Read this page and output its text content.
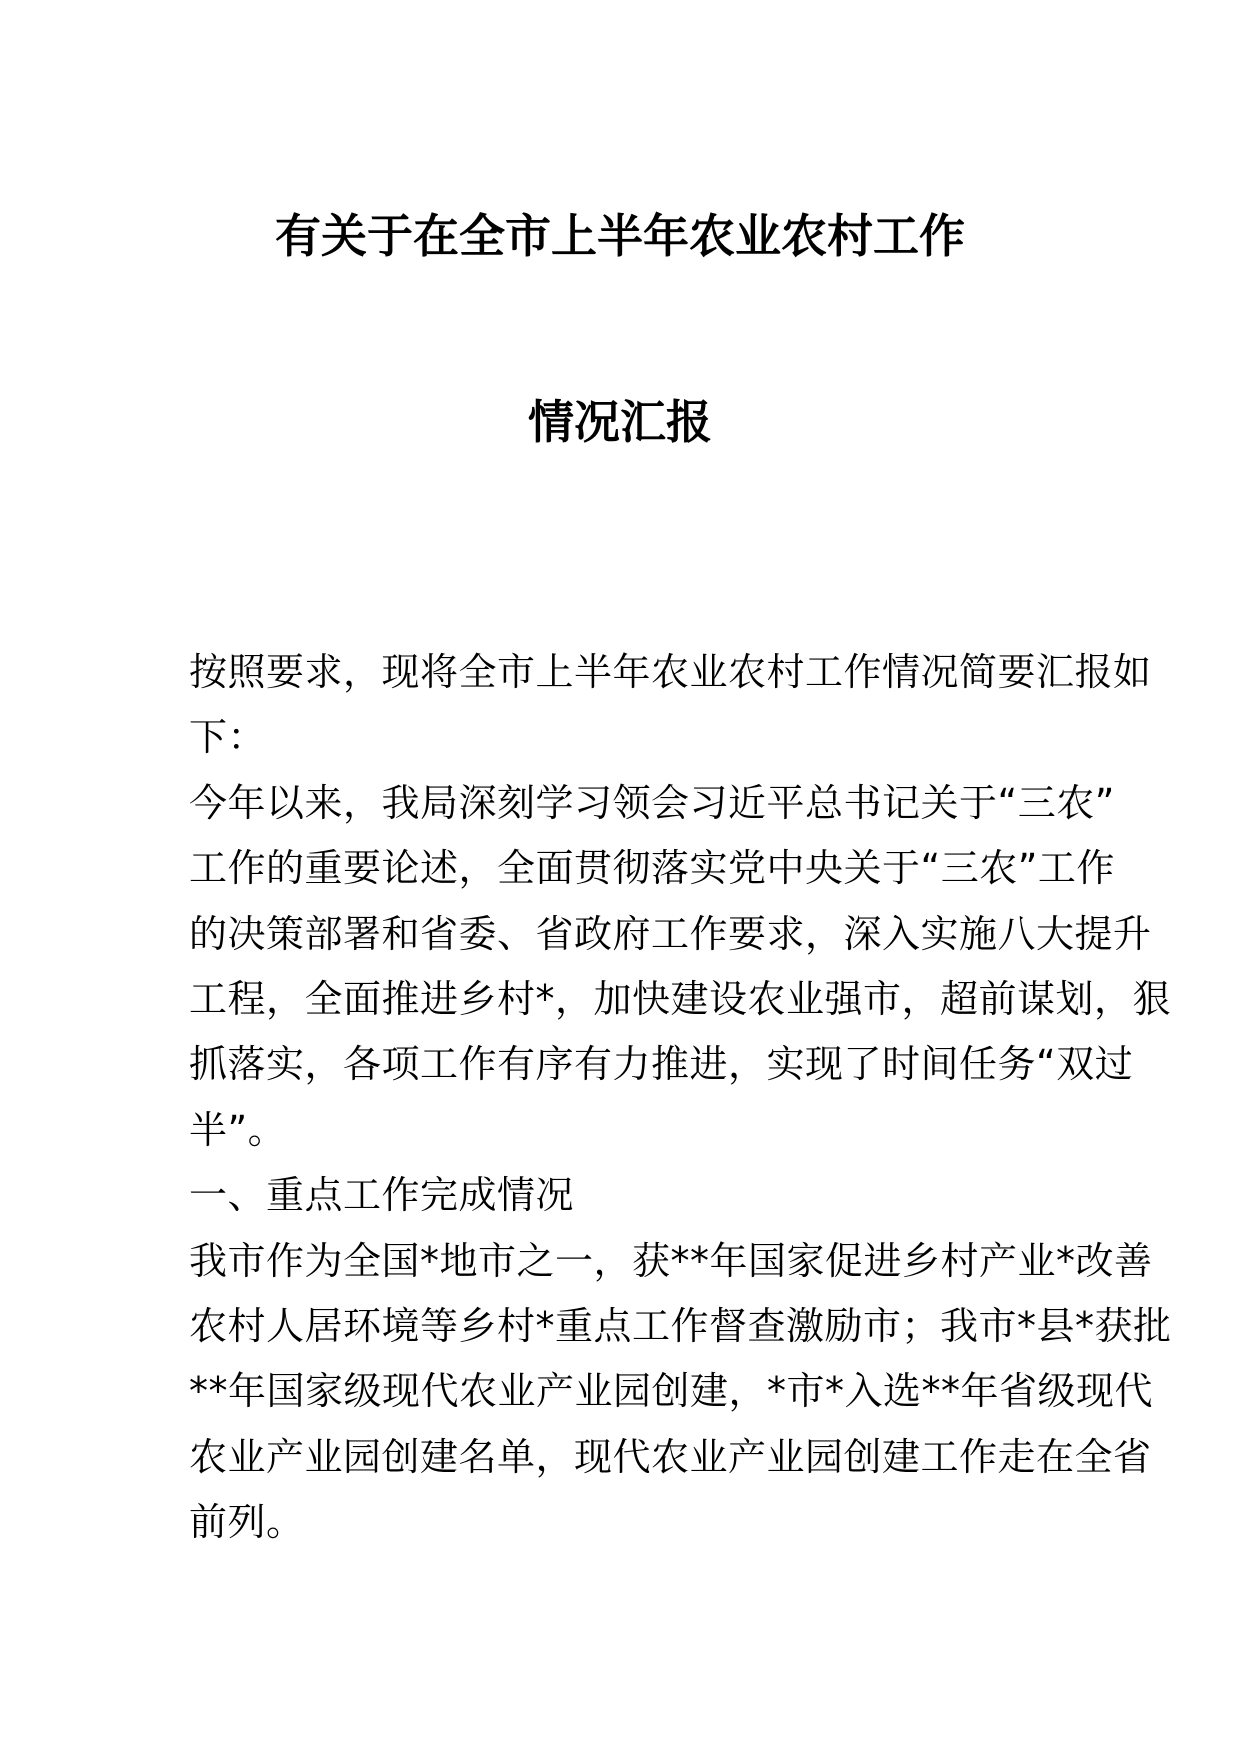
有关于在全市上半年农业农村工作
情况汇报
按照要求，现将全市上半年农业农村工作情况简要汇报如
下：
今年以来，我局深刻学习领会习近平总书记关于“三农”
工作的重要论述，全面贯彻落实党中央关于“三农”工作
的决策部署和省委、省政府工作要求，深入实施八大提升
工程，全面推进乡村*，加快建设农业强市，超前谋划，狠
抓落实，各项工作有序有力推进，实现了时间任务“双过
半”。
一、重点工作完成情况
我市作为全国*地市之一，获**年国家促进乡村产业*改善
农村人居环境等乡村*重点工作督查激励市；我市*县*获批
**年国家级现代农业产业园创建，*市*入选**年省级现代
农业产业园创建名单，现代农业产业园创建工作走在全省
前列。
